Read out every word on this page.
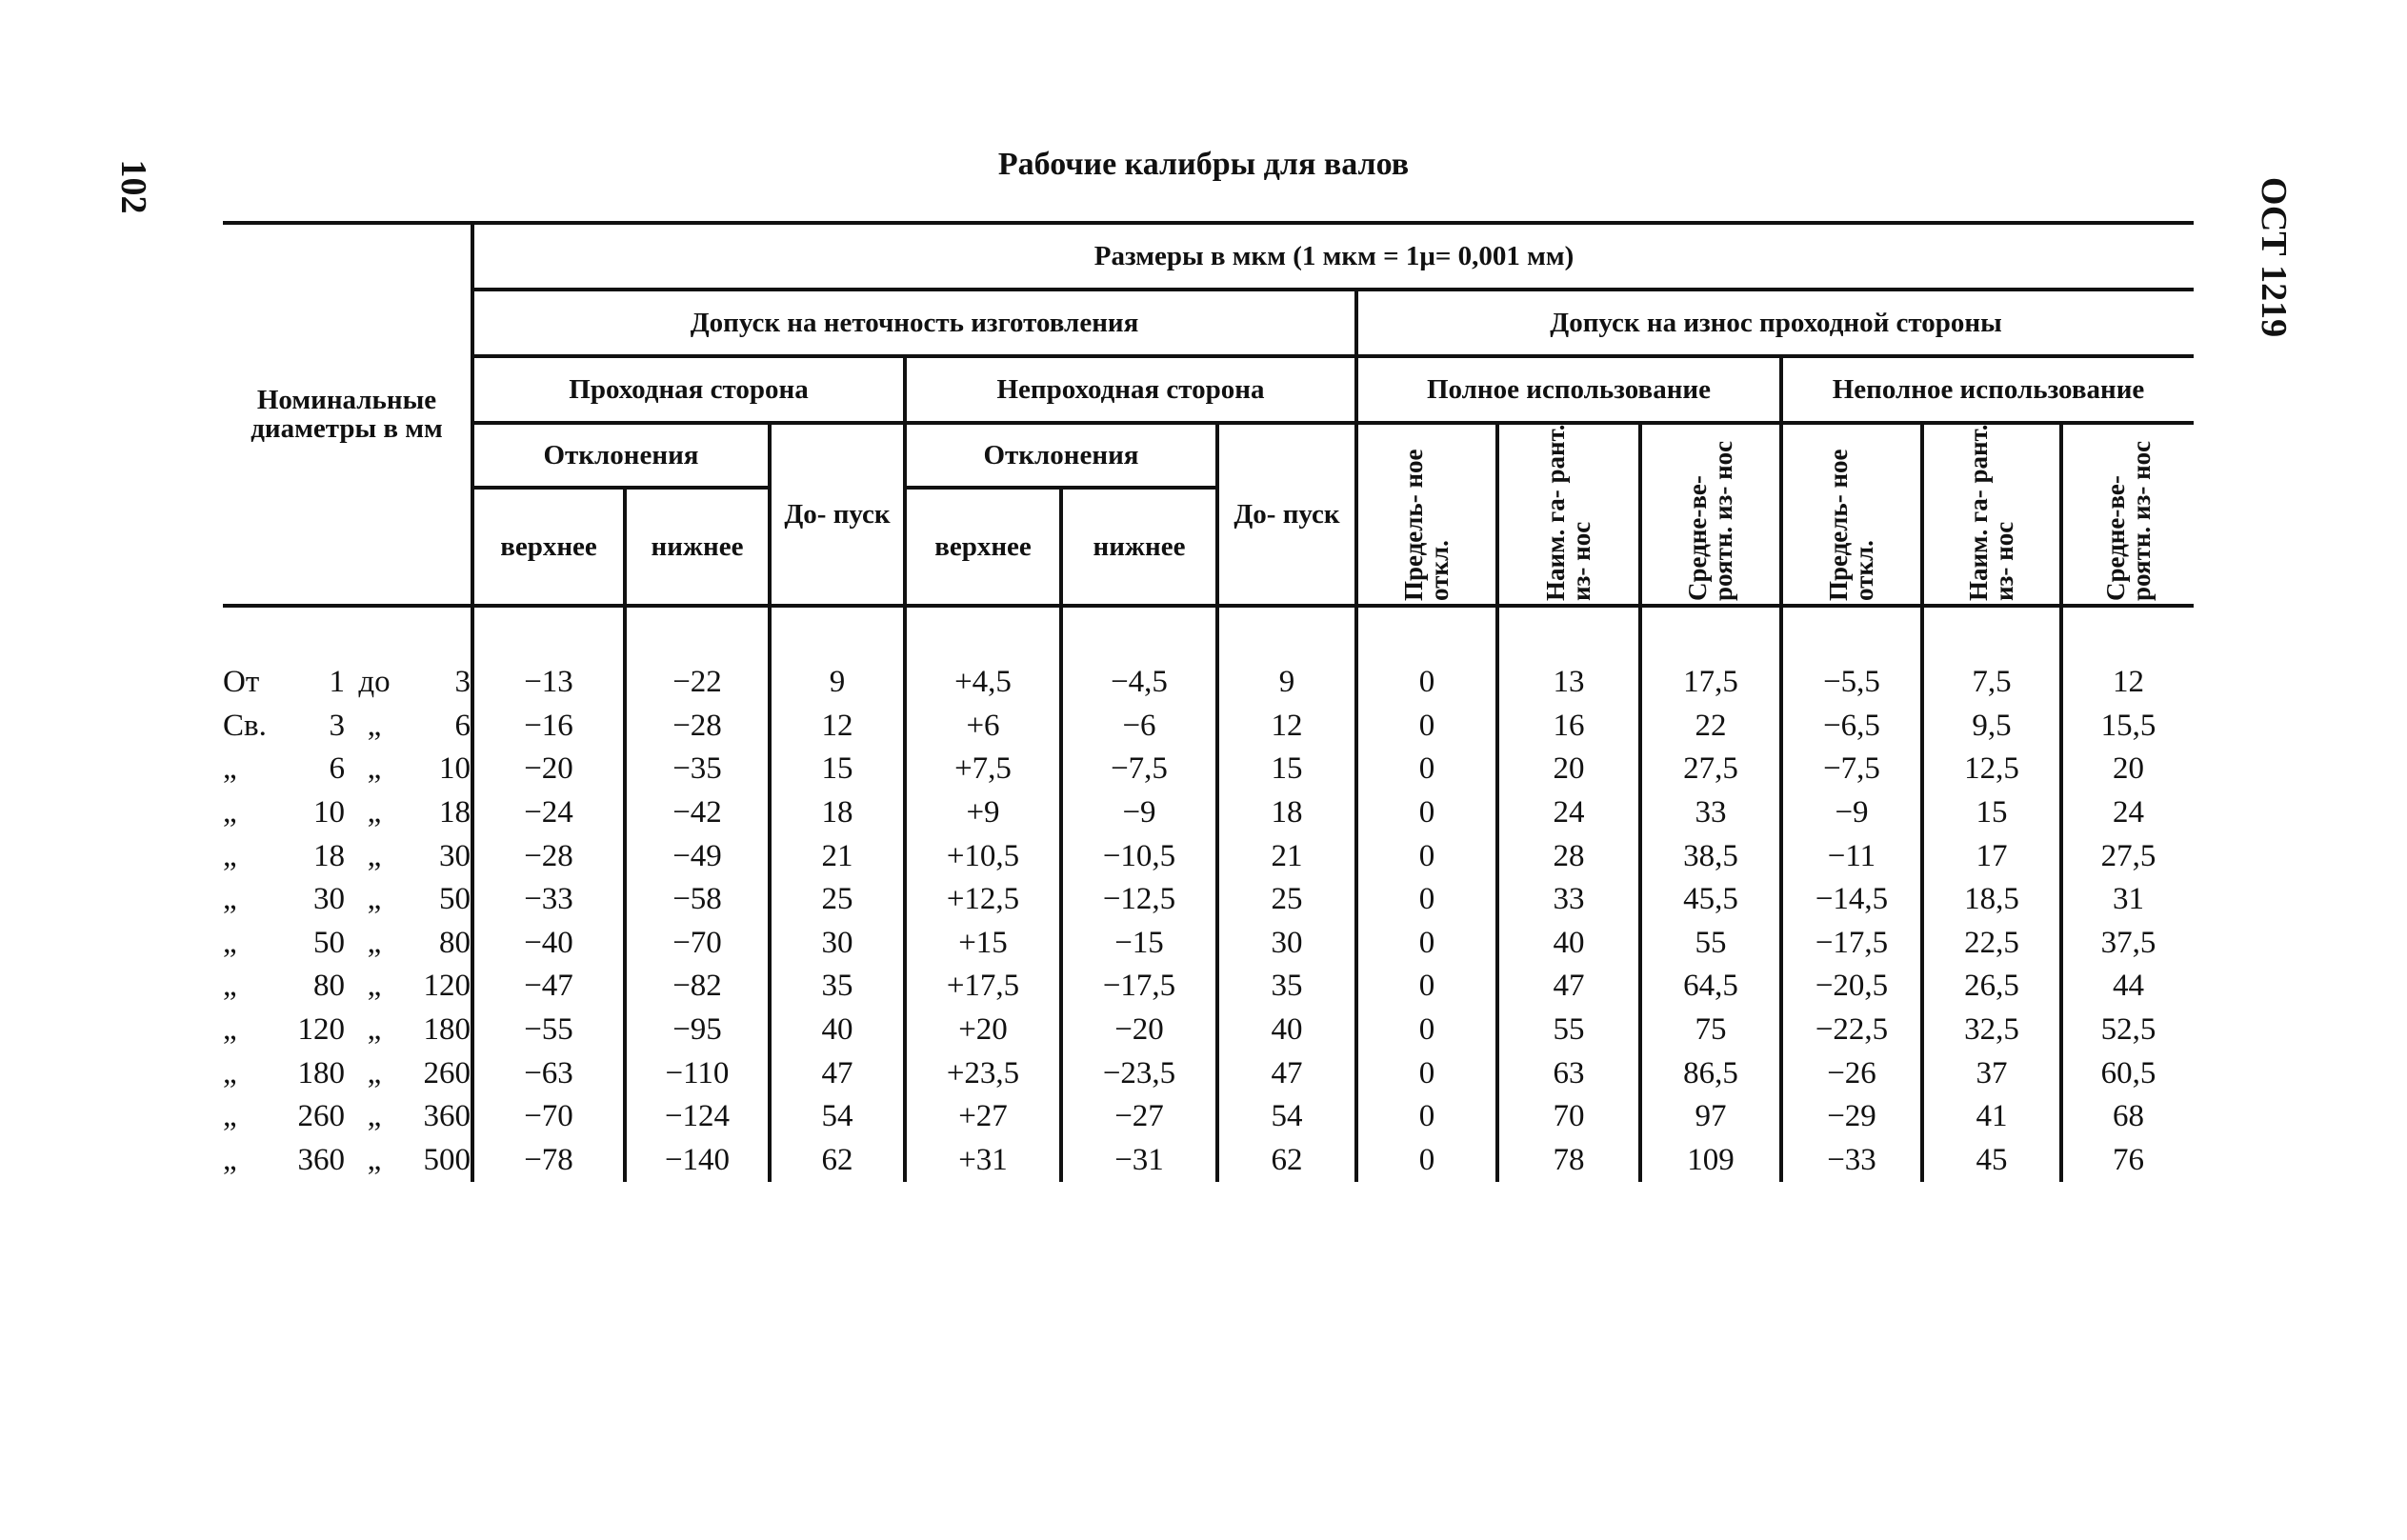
102	ОСТ 1219
Рабочие калибры для валов
Номинальные диаметры в мм	Размеры в мкм (1 мкм = 1μ= 0,001 мм)											
	Допуск на неточность изготовления						Допуск на износ проходной стороны					
	Проходная сторона			Непроходная сторона			Полное использование			Неполное использование		
	Отклонения		До- пуск	Отклонения		До- пуск	Предель- ное откл.	Наим. га- рант. из- нос	Средне-ве- роятн. из- нос	Предель- ное откл.	Наим. га- рант. из- нос	Средне-ве- роятн. из- нос
	верхнее	нижнее		верхнее	нижнее							

От 1 до 3	−13	−22	9	+4,5	−4,5	9	0	13	17,5	−5,5	7,5	12
Св. 3 „ 6	−16	−28	12	+6	−6	12	0	16	22	−6,5	9,5	15,5
„ 6 „ 10	−20	−35	15	+7,5	−7,5	15	0	20	27,5	−7,5	12,5	20
„ 10 „ 18	−24	−42	18	+9	−9	18	0	24	33	−9	15	24
„ 18 „ 30	−28	−49	21	+10,5	−10,5	21	0	28	38,5	−11	17	27,5
„ 30 „ 50	−33	−58	25	+12,5	−12,5	25	0	33	45,5	−14,5	18,5	31
„ 50 „ 80	−40	−70	30	+15	−15	30	0	40	55	−17,5	22,5	37,5
„ 80 „ 120	−47	−82	35	+17,5	−17,5	35	0	47	64,5	−20,5	26,5	44
„ 120 „ 180	−55	−95	40	+20	−20	40	0	55	75	−22,5	32,5	52,5
„ 180 „ 260	−63	−110	47	+23,5	−23,5	47	0	63	86,5	−26	37	60,5
„ 260 „ 360	−70	−124	54	+27	−27	54	0	70	97	−29	41	68
„ 360 „ 500	−78	−140	62	+31	−31	62	0	78	109	−33	45	76
